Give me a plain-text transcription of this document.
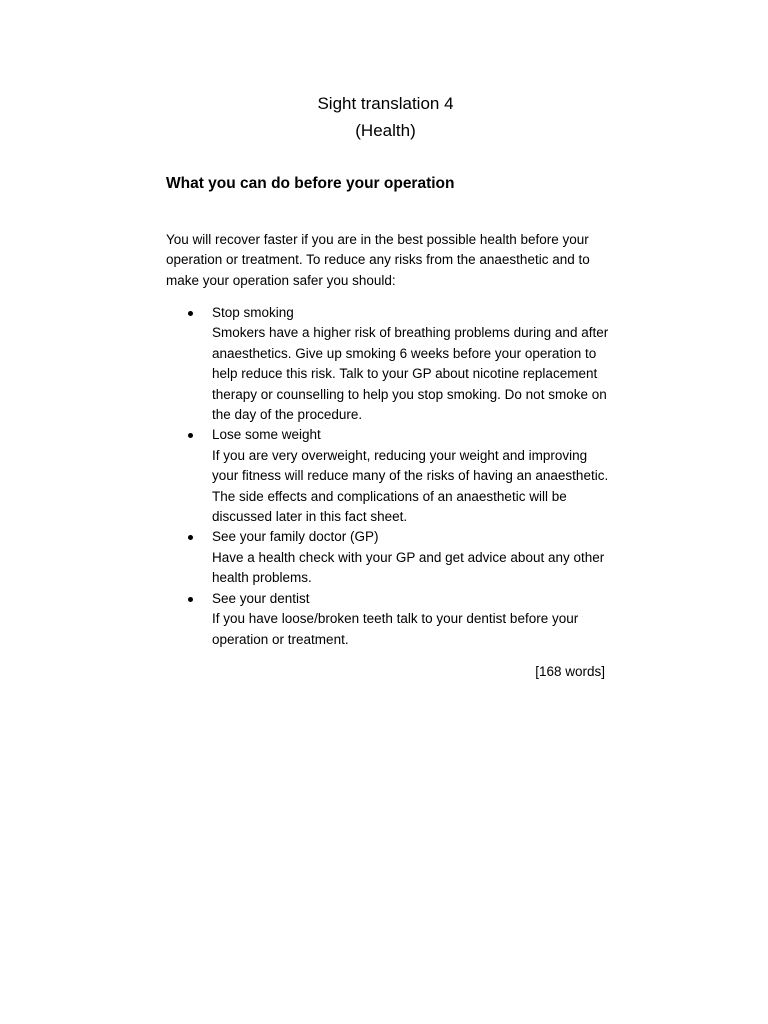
Sight translation 4
(Health)
What you can do before your operation

You will recover faster if you are in the best possible health before your operation or treatment. To reduce any risks from the anaesthetic and to make your operation safer you should:

Stop smoking
Smokers have a higher risk of breathing problems during and after anaesthetics. Give up smoking 6 weeks before your operation to help reduce this risk. Talk to your GP about nicotine replacement therapy or counselling to help you stop smoking. Do not smoke on the day of the procedure.
Lose some weight
If you are very overweight, reducing your weight and improving your fitness will reduce many of the risks of having an anaesthetic. The side effects and complications of an anaesthetic will be discussed later in this fact sheet.
See your family doctor (GP)
Have a health check with your GP and get advice about any other health problems.
See your dentist
If you have loose/broken teeth talk to your dentist before your operation or treatment.

[168 words]
